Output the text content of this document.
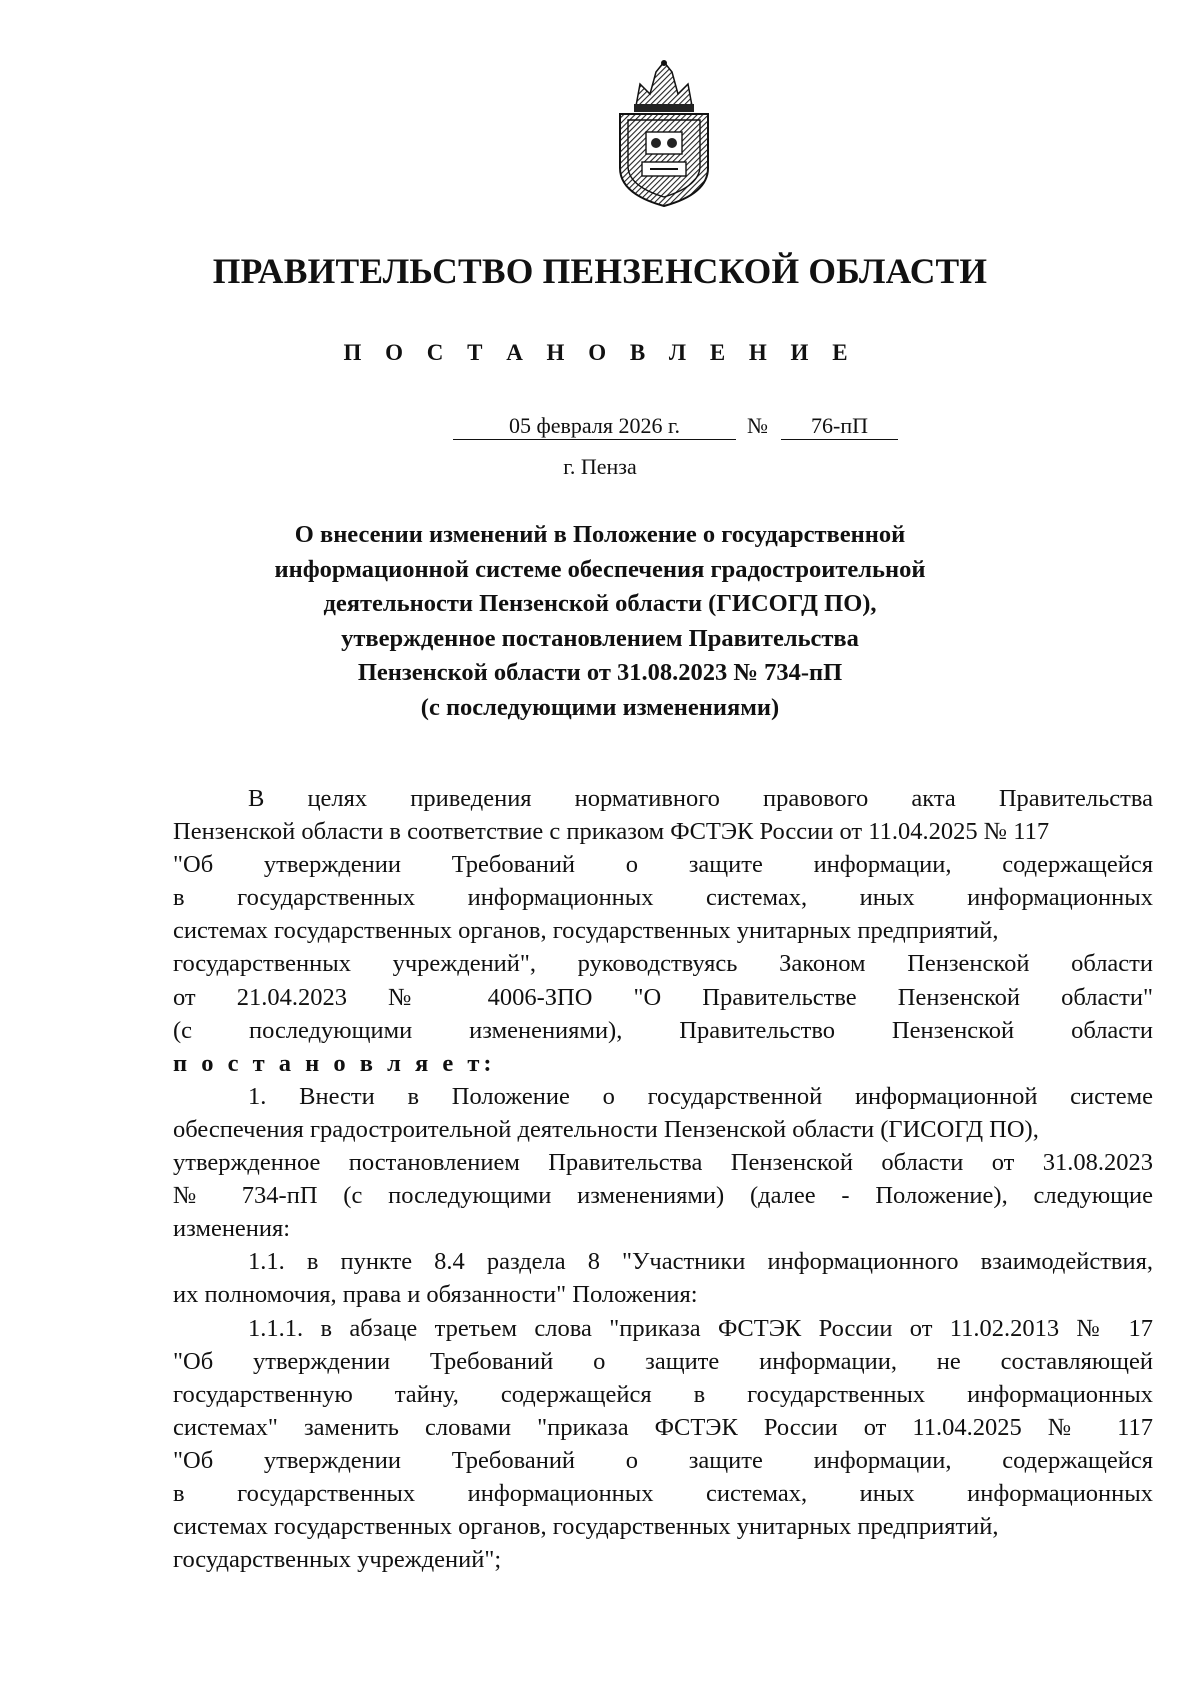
ПРАВИТЕЛЬСТВО ПЕНЗЕНСКОЙ ОБЛАСТИ
П О С Т А Н О В Л Е Н И Е
05 февраля 2026 г.	№	76-пП
г. Пенза
О внесении изменений в Положение о государственной
информационной системе обеспечения градостроительной
деятельности Пензенской области (ГИСОГД ПО),
утвержденное постановлением Правительства
Пензенской области от 31.08.2023 № 734-пП
(с последующими изменениями)
В целях приведения нормативного правового акта Правительства
Пензенской области в соответствие с приказом ФСТЭК России от 11.04.2025 № 117
"Об утверждении Требований о защите информации, содержащейся
в государственных информационных системах, иных информационных
системах государственных органов, государственных унитарных предприятий,
государственных учреждений", руководствуясь Законом Пензенской области
от 21.04.2023 № 4006-ЗПО "О Правительстве Пензенской области"
(с последующими изменениями), Правительство Пензенской области
п о с т а н о в л я е т:
1. Внести в Положение о государственной информационной системе
обеспечения градостроительной деятельности Пензенской области (ГИСОГД ПО),
утвержденное постановлением Правительства Пензенской области от 31.08.2023
№ 734-пП (с последующими изменениями) (далее - Положение), следующие
изменения:
1.1. в пункте 8.4 раздела 8 "Участники информационного взаимодействия,
их полномочия, права и обязанности" Положения:
1.1.1. в абзаце третьем слова "приказа ФСТЭК России от 11.02.2013 № 17
"Об утверждении Требований о защите информации, не составляющей
государственную тайну, содержащейся в государственных информационных
системах" заменить словами "приказа ФСТЭК России от 11.04.2025 № 117
"Об утверждении Требований о защите информации, содержащейся
в государственных информационных системах, иных информационных
системах государственных органов, государственных унитарных предприятий,
государственных учреждений";
